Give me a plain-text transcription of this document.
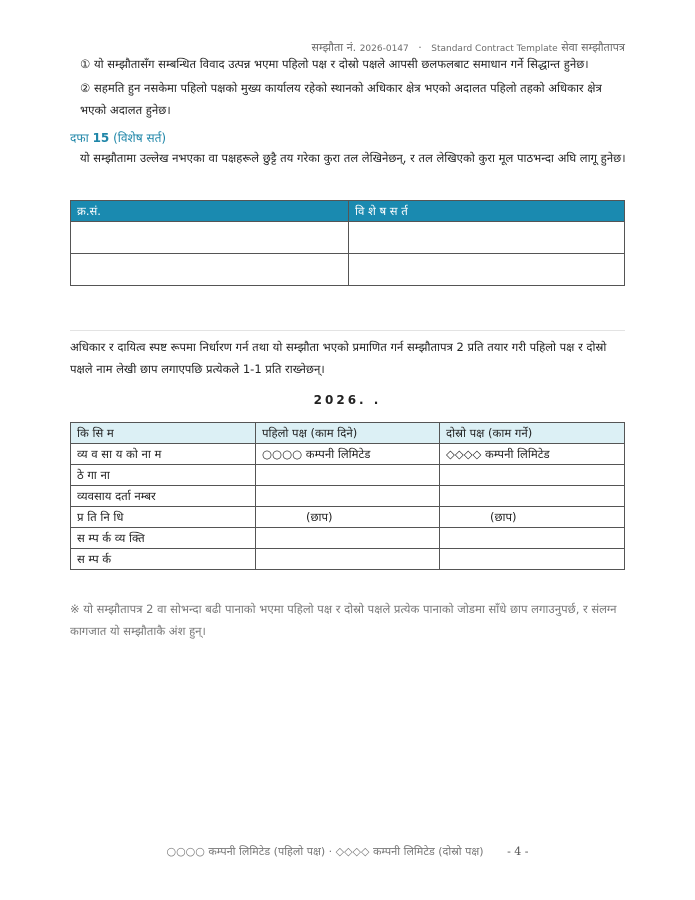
सम्झौता नं. 2026-0147 · Standard Contract Template सेवा सम्झौतापत्र
① यो सम्झौतासँग सम्बन्धित विवाद उत्पन्न भएमा पहिलो पक्ष र दोस्रो पक्षले आपसी छलफलबाट समाधान गर्ने सिद्धान्त हुनेछ।
② सहमति हुन नसकेमा पहिलो पक्षको मुख्य कार्यालय रहेको स्थानको अधिकार क्षेत्र भएको अदालत पहिलो तहको अधिकार क्षेत्र भएको अदालत हुनेछ।
दफा 15 (विशेष सर्त)
यो सम्झौतामा उल्लेख नभएका वा पक्षहरूले छुट्टै तय गरेका कुरा तल लेखिनेछन्, र तल लेखिएको कुरा मूल पाठभन्दा अघि लागू हुनेछ।
क्र.सं.	वि शे ष स र्त

अधिकार र दायित्व स्पष्ट रूपमा निर्धारण गर्न तथा यो सम्झौता भएको प्रमाणित गर्न सम्झौतापत्र 2 प्रति तयार गरी पहिलो पक्ष र दोस्रो पक्षले नाम लेखी छाप लगाएपछि प्रत्येकले 1-1 प्रति राख्नेछन्।
2026. .
कि सि म	पहिलो पक्ष (काम दिने)	दोस्रो पक्ष (काम गर्ने)
व्य व सा य को ना म	○○○○ कम्पनी लिमिटेड	◇◇◇◇ कम्पनी लिमिटेड
ठे गा ना		
व्यवसाय दर्ता नम्बर		
प्र ति नि धि	(छाप)	(छाप)
स म्प र्क व्य क्ति		
स म्प र्क		
※ यो सम्झौतापत्र 2 वा सोभन्दा बढी पानाको भएमा पहिलो पक्ष र दोस्रो पक्षले प्रत्येक पानाको जोडमा साँधे छाप लगाउनुपर्छ, र संलग्न कागजात यो सम्झौताकै अंश हुन्।
○○○○ कम्पनी लिमिटेड (पहिलो पक्ष) · ◇◇◇◇ कम्पनी लिमिटेड (दोस्रो पक्ष) - 4 -
